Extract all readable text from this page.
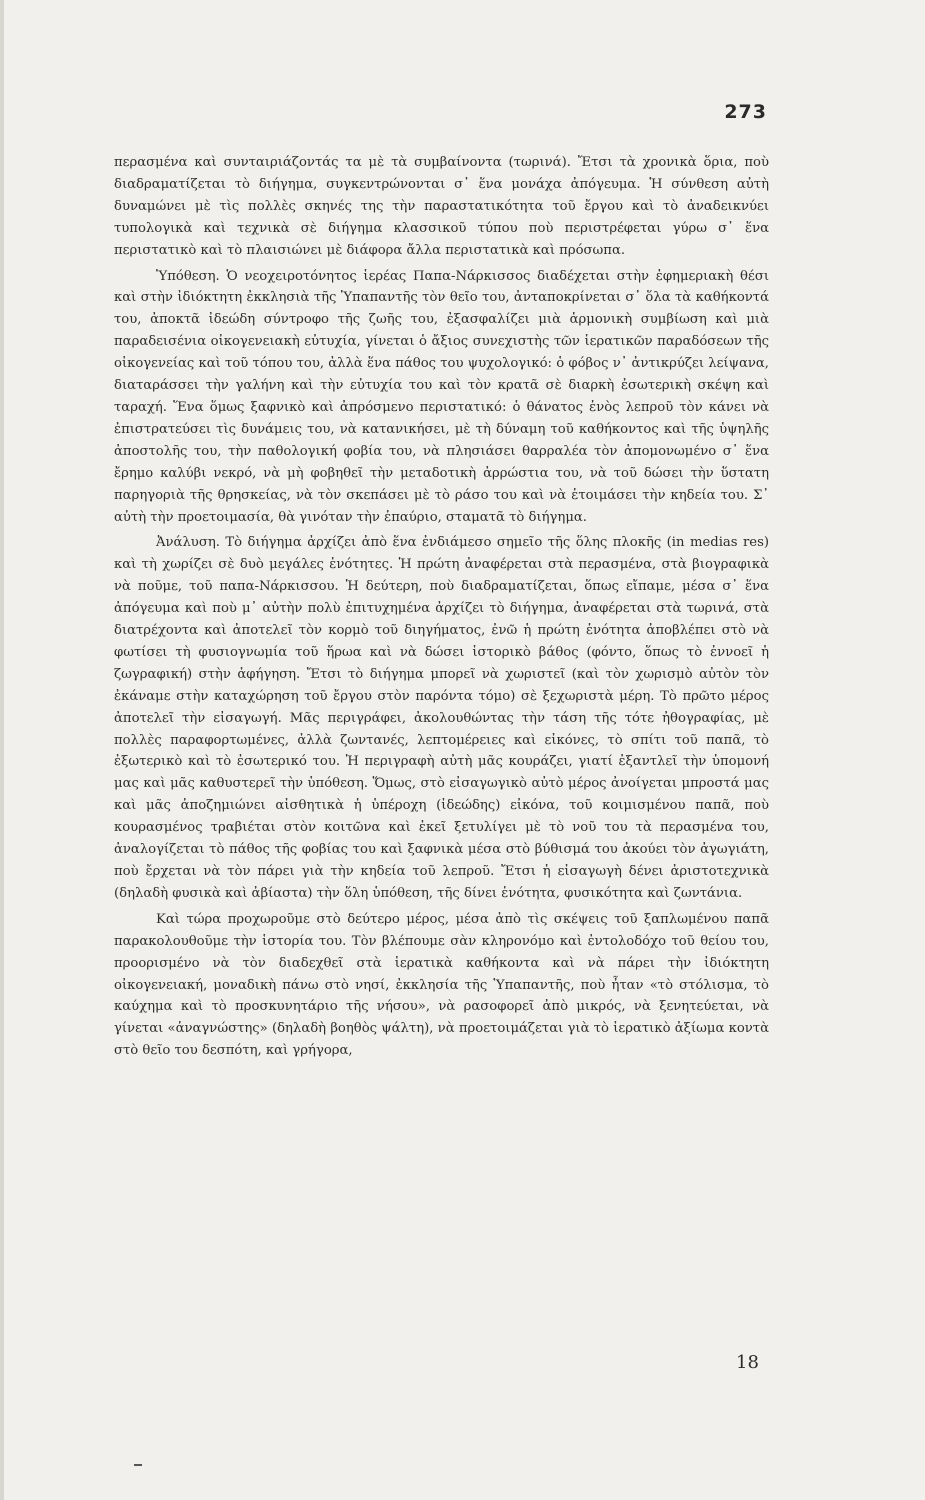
273

περασμένα καὶ συνταιριάζοντάς τα μὲ τὰ συμβαίνοντα (τωρινά). Ἔτσι τὰ χρονικὰ ὅρια, ποὺ διαδραματίζεται τὸ διήγημα, συγκεντρώνονται σ᾿ ἕνα μονάχα ἀπόγευμα. Ἡ σύνθεση αὐτὴ δυναμώνει μὲ τὶς πολλὲς σκηνές της τὴν παραστατικότητα τοῦ ἔργου καὶ τὸ ἀναδεικνύει τυπολογικὰ καὶ τεχνικὰ σὲ διήγημα κλασσικοῦ τύπου ποὺ περιστρέφεται γύρω σ᾿ ἕνα περιστατικὸ καὶ τὸ πλαισιώνει μὲ διάφορα ἄλλα περιστατικὰ καὶ πρόσωπα.

Ὑπόθεση. Ὁ νεοχειροτόνητος ἱερέας Παπα-Νάρκισσος διαδέχεται στὴν ἐφημεριακὴ θέσι καὶ στὴν ἰδιόκτητη ἐκκλησιὰ τῆς Ὑπαπαντῆς τὸν θεῖο του, ἀνταποκρίνεται σ᾿ ὅλα τὰ καθήκοντά του, ἀποκτᾶ ἰδεώδη σύντροφο τῆς ζωῆς του, ἐξασφαλίζει μιὰ ἁρμονικὴ συμβίωση καὶ μιὰ παραδεισένια οἰκογενειακὴ εὐτυχία, γίνεται ὁ ἄξιος συνεχιστὴς τῶν ἱερατικῶν παραδόσεων τῆς οἰκογενείας καὶ τοῦ τόπου του, ἀλλὰ ἕνα πάθος του ψυχολογικό: ὁ φόβος ν᾿ ἀντικρύζει λείψανα, διαταράσσει τὴν γαλήνη καὶ τὴν εὐτυχία του καὶ τὸν κρατᾶ σὲ διαρκὴ ἐσωτερικὴ σκέψη καὶ ταραχή. Ἕνα ὅμως ξαφνικὸ καὶ ἀπρόσμενο περιστατικό: ὁ θάνατος ἑνὸς λεπροῦ τὸν κάνει νὰ ἐπιστρατεύσει τὶς δυνάμεις του, νὰ κατανικήσει, μὲ τὴ δύναμη τοῦ καθήκοντος καὶ τῆς ὑψηλῆς ἀποστολῆς του, τὴν παθολογική φοβία του, νὰ πλησιάσει θαρραλέα τὸν ἀπομονωμένο σ᾿ ἕνα ἔρημο καλύβι νεκρό, νὰ μὴ φοβηθεῖ τὴν μεταδοτικὴ ἀρρώστια του, νὰ τοῦ δώσει τὴν ὕστατη παρηγοριὰ τῆς θρησκείας, νὰ τὸν σκεπάσει μὲ τὸ ράσο του καὶ νὰ ἑτοιμάσει τὴν κηδεία του. Σ᾿ αὐτὴ τὴν προετοιμασία, θὰ γινόταν τὴν ἐπαύριο, σταματᾶ τὸ διήγημα.

Ἀνάλυση. Τὸ διήγημα ἀρχίζει ἀπὸ ἕνα ἐνδιάμεσο σημεῖο τῆς ὅλης πλοκῆς (in medias res) καὶ τὴ χωρίζει σὲ δυὸ μεγάλες ἑνότητες. Ἡ πρώτη ἀναφέρεται στὰ περασμένα, στὰ βιογραφικὰ νὰ ποῦμε, τοῦ παπα-Νάρκισσου. Ἡ δεύτερη, ποὺ διαδραματίζεται, ὅπως εἴπαμε, μέσα σ᾿ ἕνα ἀπόγευμα καὶ ποὺ μ᾿ αὐτὴν πολὺ ἐπιτυχημένα ἀρχίζει τὸ διήγημα, ἀναφέρεται στὰ τωρινά, στὰ διατρέχοντα καὶ ἀποτελεῖ τὸν κορμὸ τοῦ διηγήματος, ἐνῶ ἡ πρώτη ἑνότητα ἀποβλέπει στὸ νὰ φωτίσει τὴ φυσιογνωμία τοῦ ἥρωα καὶ νὰ δώσει ἱστορικὸ βάθος (φόντο, ὅπως τὸ ἐννοεῖ ἡ ζωγραφική) στὴν ἀφήγηση. Ἔτσι τὸ διήγημα μπορεῖ νὰ χωριστεῖ (καὶ τὸν χωρισμὸ αὐτὸν τὸν ἐκάναμε στὴν καταχώρηση τοῦ ἔργου στὸν παρόντα τόμο) σὲ ξεχωριστὰ μέρη. Τὸ πρῶτο μέρος ἀποτελεῖ τὴν εἰσαγωγή. Μᾶς περιγράφει, ἀκολουθώντας τὴν τάση τῆς τότε ἠθογραφίας, μὲ πολλὲς παραφορτωμένες, ἀλλὰ ζωντανές, λεπτομέρειες καὶ εἰκόνες, τὸ σπίτι τοῦ παπᾶ, τὸ ἐξωτερικὸ καὶ τὸ ἐσωτερικό του. Ἡ περιγραφὴ αὐτὴ μᾶς κουράζει, γιατί ἐξαντλεῖ τὴν ὑπομονή μας καὶ μᾶς καθυστερεῖ τὴν ὑπόθεση. Ὅμως, στὸ εἰσαγωγικὸ αὐτὸ μέρος ἀνοίγεται μπροστά μας καὶ μᾶς ἀποζημιώνει αἰσθητικὰ ἡ ὑπέροχη (ἰδεώδης) εἰκόνα, τοῦ κοιμισμένου παπᾶ, ποὺ κουρασμένος τραβιέται στὸν κοιτῶνα καὶ ἐκεῖ ξετυλίγει μὲ τὸ νοῦ του τὰ περασμένα του, ἀναλογίζεται τὸ πάθος τῆς φοβίας του καὶ ξαφνικὰ μέσα στὸ βύθισμά του ἀκούει τὸν ἀγωγιάτη, ποὺ ἔρχεται νὰ τὸν πάρει γιὰ τὴν κηδεία τοῦ λεπροῦ. Ἔτσι ἡ εἰσαγωγὴ δένει ἀριστοτεχνικὰ (δηλαδὴ φυσικὰ καὶ ἀβίαστα) τὴν ὅλη ὑπόθεση, τῆς δίνει ἑνότητα, φυσικότητα καὶ ζωντάνια.

Καὶ τώρα προχωροῦμε στὸ δεύτερο μέρος, μέσα ἀπὸ τὶς σκέψεις τοῦ ξαπλωμένου παπᾶ παρακολουθοῦμε τὴν ἱστορία του. Τὸν βλέπουμε σὰν κληρονόμο καὶ ἐντολοδόχο τοῦ θείου του, προορισμένο νὰ τὸν διαδεχθεῖ στὰ ἱερατικὰ καθήκοντα καὶ νὰ πάρει τὴν ἰδιόκτητη οἰκογενειακή, μοναδικὴ πάνω στὸ νησί, ἐκκλησία τῆς Ὑπαπαντῆς, ποὺ ἦταν «τὸ στόλισμα, τὸ καύχημα καὶ τὸ προσκυνητάριο τῆς νήσου», νὰ ρασοφορεῖ ἀπὸ μικρός, νὰ ξενητεύεται, νὰ γίνεται «ἀναγνώστης» (δηλαδὴ βοηθὸς ψάλτη), νὰ προετοιμάζεται γιὰ τὸ ἱερατικὸ ἀξίωμα κοντὰ στὸ θεῖο του δεσπότη, καὶ γρήγορα,

18
